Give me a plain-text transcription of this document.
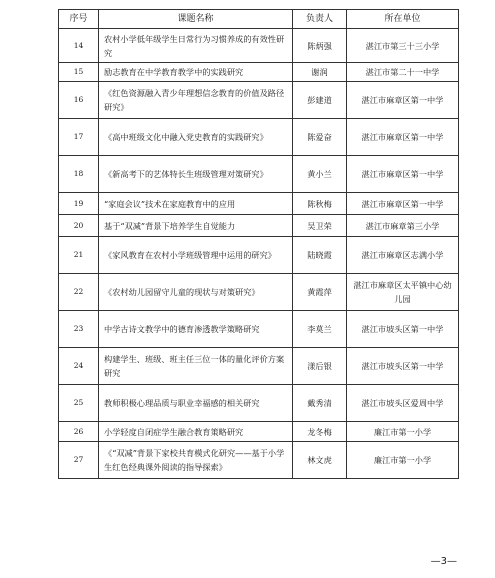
序号	课题名称	负责人	所在单位
14	农村小学低年级学生日常行为习惯养成的有效性研究	陈炳强	湛江市第三十三小学
15	励志教育在中学教育教学中的实践研究	谢润	湛江市第二十一中学
16	《红色资源融入青少年理想信念教育的价值及路径研究》	彭建道	湛江市麻章区第一中学
17	《高中班级文化中融入党史教育的实践研究》	陈爱奋	湛江市麻章区第一中学
18	《新高考下的艺体特长生班级管理对策研究》	黄小兰	湛江市麻章区第一中学
19	“家庭会议”技术在家庭教育中的应用	陈秋梅	湛江市麻章区第一中学
20	基于“双减”背景下培养学生自觉能力	吴卫荣	湛江市麻章第三小学
21	《家风教育在农村小学班级管理中运用的研究》	陆晓霞	湛江市麻章区志满小学
22	《农村幼儿园留守儿童的现状与对策研究》	黄霞萍	湛江市麻章区太平镇中心幼儿园
23	中学古诗文教学中的德育渗透教学策略研究	李莫兰	湛江市坡头区第一中学
24	构建学生、班级、班主任三位一体的量化评价方案研究	漾后银	湛江市坡头区第一中学
25	教师积极心理品质与职业幸福感的相关研究	戴秀清	湛江市坡头区爱周中学
26	小学轻度自闭症学生融合教育策略研究	龙冬梅	廉江市第一小学
27	《“双减”背景下家校共育模式化研究——基于小学生红色经典课外阅读的指导探索》	林文虎	廉江市第一小学
—3—
